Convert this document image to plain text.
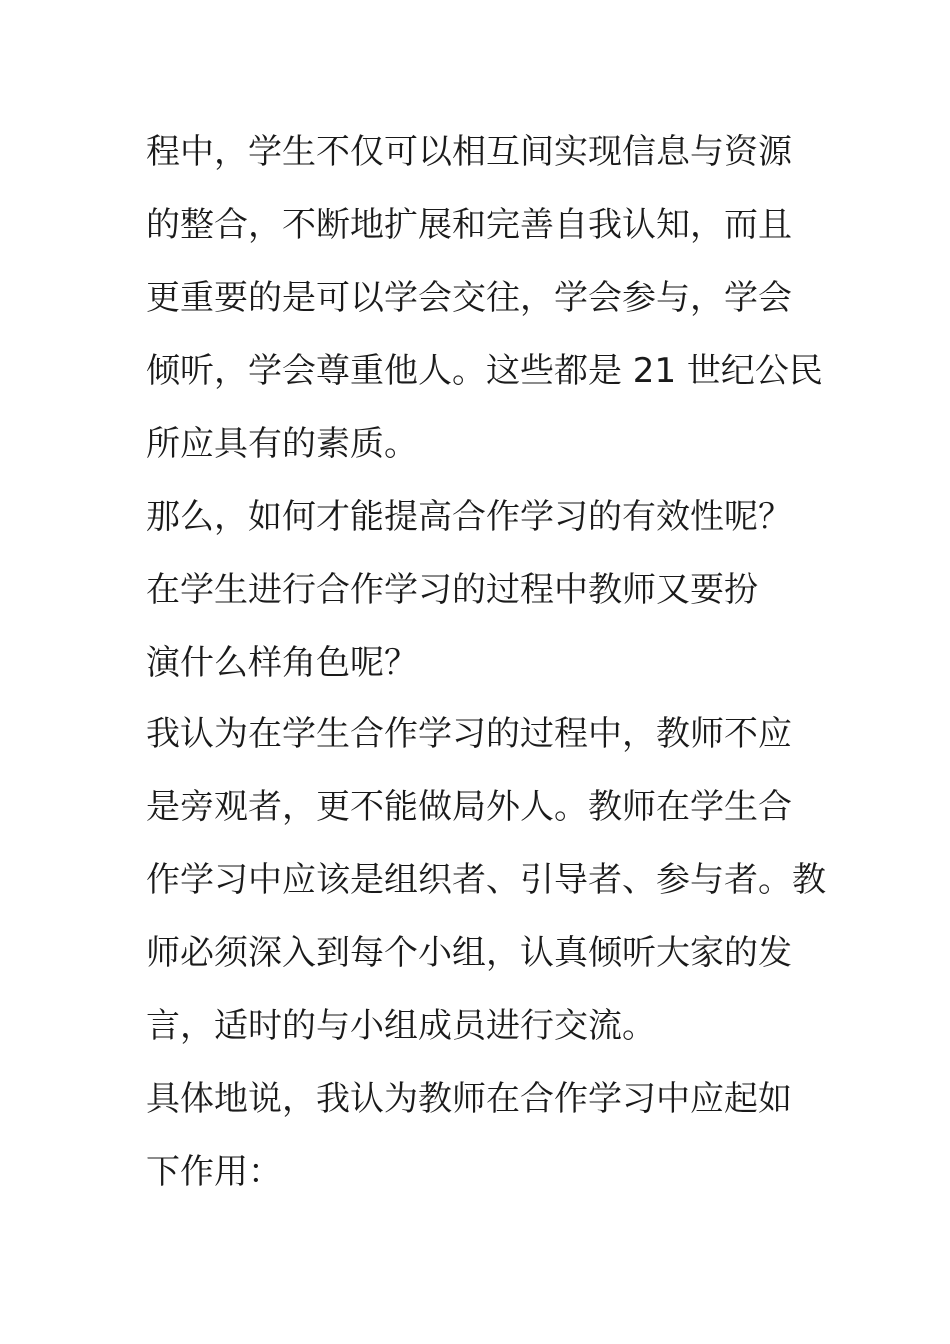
程中，学生不仅可以相互间实现信息与资源
的整合，不断地扩展和完善自我认知，而且
更重要的是可以学会交往，学会参与，学会
倾听，学会尊重他人。这些都是 21 世纪公民
所应具有的素质。
那么，如何才能提高合作学习的有效性呢？
在学生进行合作学习的过程中教师又要扮
演什么样角色呢？
我认为在学生合作学习的过程中，教师不应
是旁观者，更不能做局外人。教师在学生合
作学习中应该是组织者、引导者、参与者。教
师必须深入到每个小组，认真倾听大家的发
言，适时的与小组成员进行交流。
具体地说，我认为教师在合作学习中应起如
下作用：
